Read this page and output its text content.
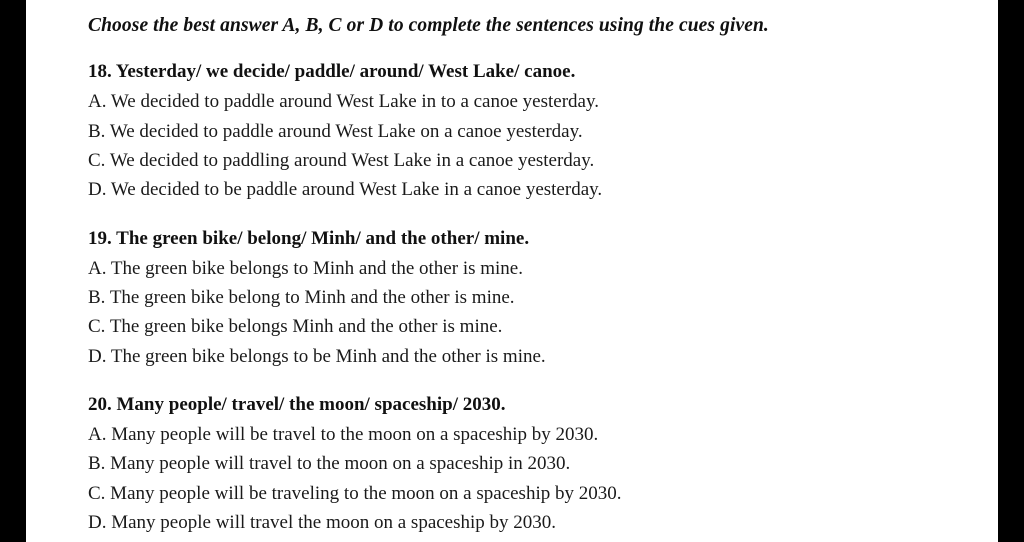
Choose the best answer A, B, C or D to complete the sentences using the cues given.

18. Yesterday/ we decide/ paddle/ around/ West Lake/ canoe.
A. We decided to paddle around West Lake in to a canoe yesterday.
B. We decided to paddle around West Lake on a canoe yesterday.
C. We decided to paddling around West Lake in a canoe yesterday.
D. We decided to be paddle around West Lake in a canoe yesterday.
19. The green bike/ belong/ Minh/ and the other/ mine.
A. The green bike belongs to Minh and the other is mine.
B. The green bike belong to Minh and the other is mine.
C. The green bike belongs Minh and the other is mine.
D. The green bike belongs to be Minh and the other is mine.
20. Many people/ travel/ the moon/ spaceship/ 2030.
A. Many people will be travel to the moon on a spaceship by 2030.
B. Many people will travel to the moon on a spaceship in 2030.
C. Many people will be traveling to the moon on a spaceship by 2030.
D. Many people will travel the moon on a spaceship by 2030.
